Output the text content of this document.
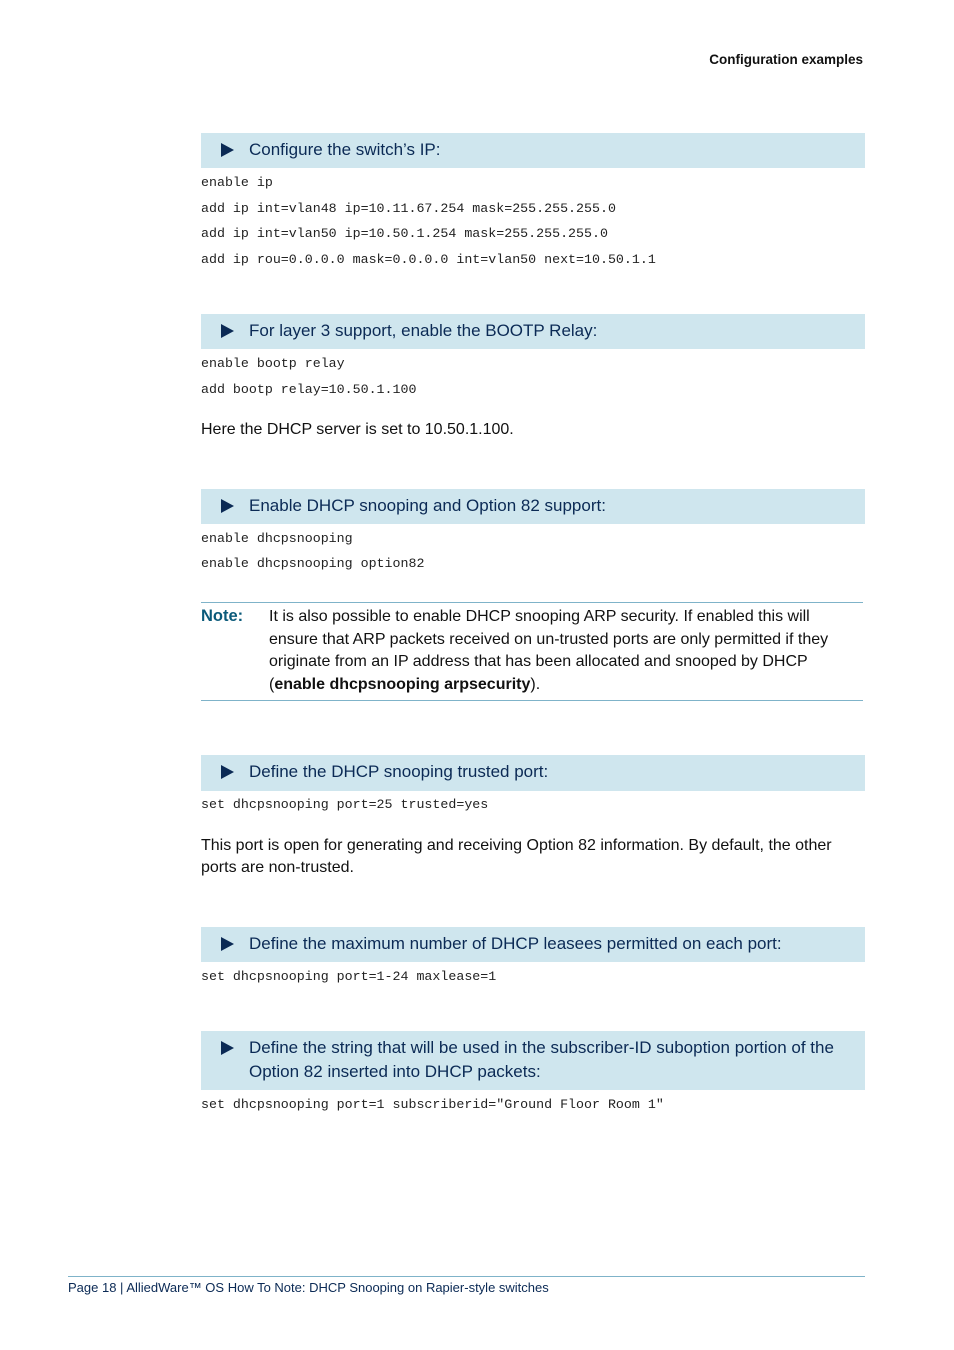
Configuration examples
Configure the switch’s IP:
enable ip
add ip int=vlan48 ip=10.11.67.254 mask=255.255.255.0
add ip int=vlan50 ip=10.50.1.254 mask=255.255.255.0
add ip rou=0.0.0.0 mask=0.0.0.0 int=vlan50 next=10.50.1.1
For layer 3 support, enable the BOOTP Relay:
enable bootp relay
add bootp relay=10.50.1.100
Here the DHCP server is set to 10.50.1.100.
Enable DHCP snooping and Option 82 support:
enable dhcpsnooping
enable dhcpsnooping option82
Note: It is also possible to enable DHCP snooping ARP security. If enabled this will ensure that ARP packets received on un-trusted ports are only permitted if they originate from an IP address that has been allocated and snooped by DHCP (enable dhcpsnooping arpsecurity).
Define the DHCP snooping trusted port:
set dhcpsnooping port=25 trusted=yes
This port is open for generating and receiving Option 82 information. By default, the other ports are non-trusted.
Define the maximum number of DHCP leasees permitted on each port:
set dhcpsnooping port=1-24 maxlease=1
Define the string that will be used in the subscriber-ID suboption portion of the Option 82 inserted into DHCP packets:
set dhcpsnooping port=1 subscriberid="Ground Floor Room 1"
Page 18 | AlliedWare™ OS How To Note: DHCP Snooping on Rapier-style switches
